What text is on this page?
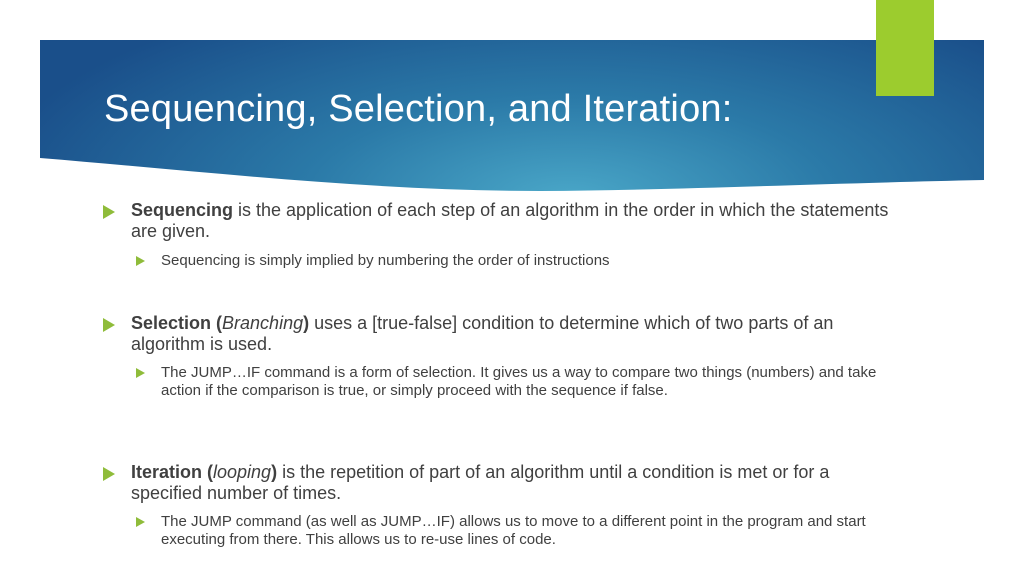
Sequencing, Selection, and Iteration:
Sequencing is the application of each step of an algorithm in the order in which the statements are given.
Sequencing is simply implied by numbering the order of instructions
Selection (Branching) uses a [true-false] condition to determine which of two parts of an algorithm is used.
The JUMP…IF command is a form of selection. It gives us a way to compare two things (numbers) and take action if the comparison is true, or simply proceed with the sequence if false.
Iteration (looping) is the repetition of part of an algorithm until a condition is met or for a specified number of times.
The JUMP command (as well as JUMP…IF) allows us to move to a different point in the program and start executing from there. This allows us to re-use lines of code.
